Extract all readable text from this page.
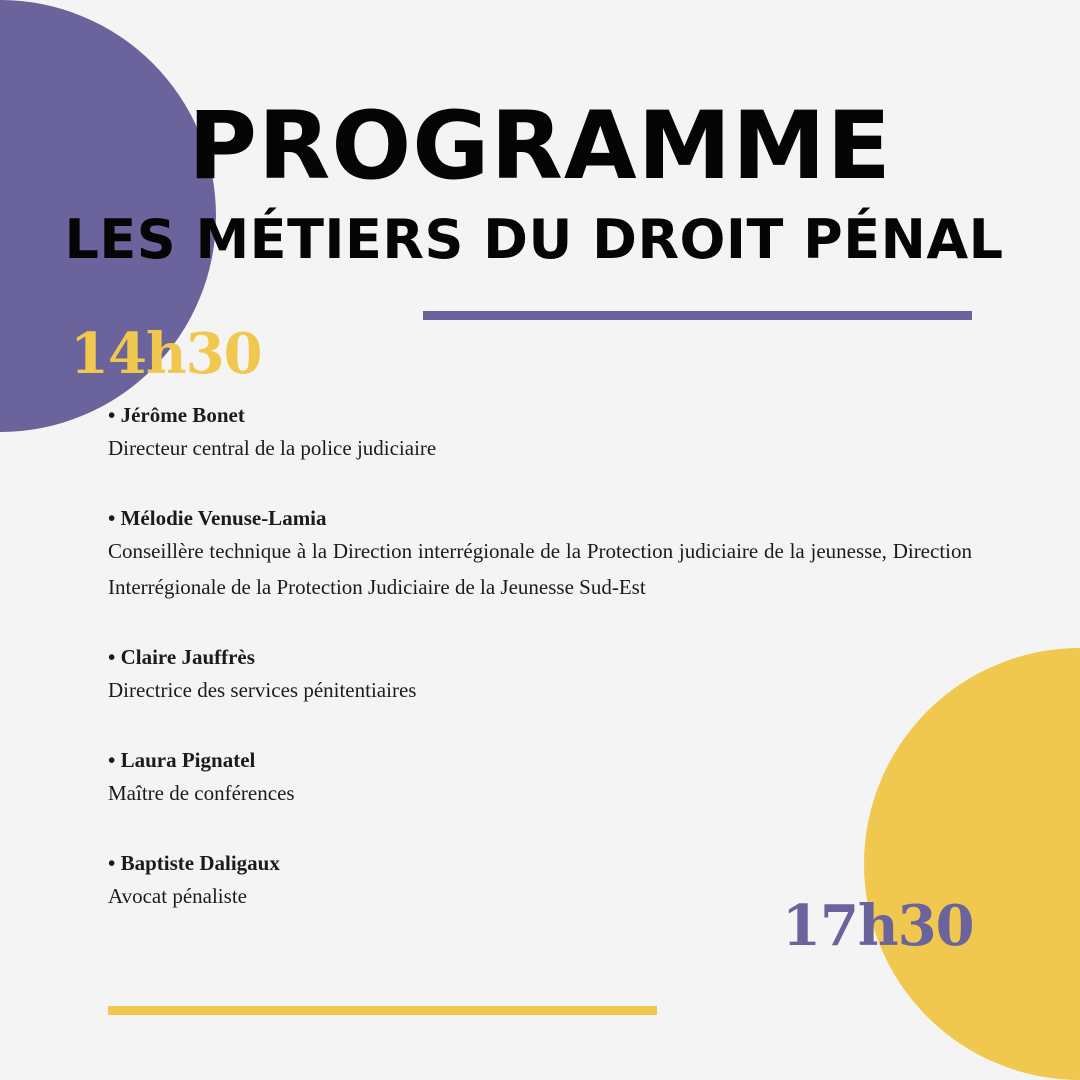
PROGRAMME
LES MÉTIERS DU DROIT PÉNAL

14h30

• Jérôme Bonet

Directeur central de la police judiciaire

• Mélodie Venuse-Lamia

Conseillère technique à la Direction interrégionale de la Protection judiciaire de la jeunesse, Direction Interrégionale de la Protection Judiciaire de la Jeunesse Sud-Est

• Claire Jauffrès

Directrice des services pénitentiaires

• Laura Pignatel

Maître de conférences

• Baptiste Daligaux

Avocat pénaliste	17h30
